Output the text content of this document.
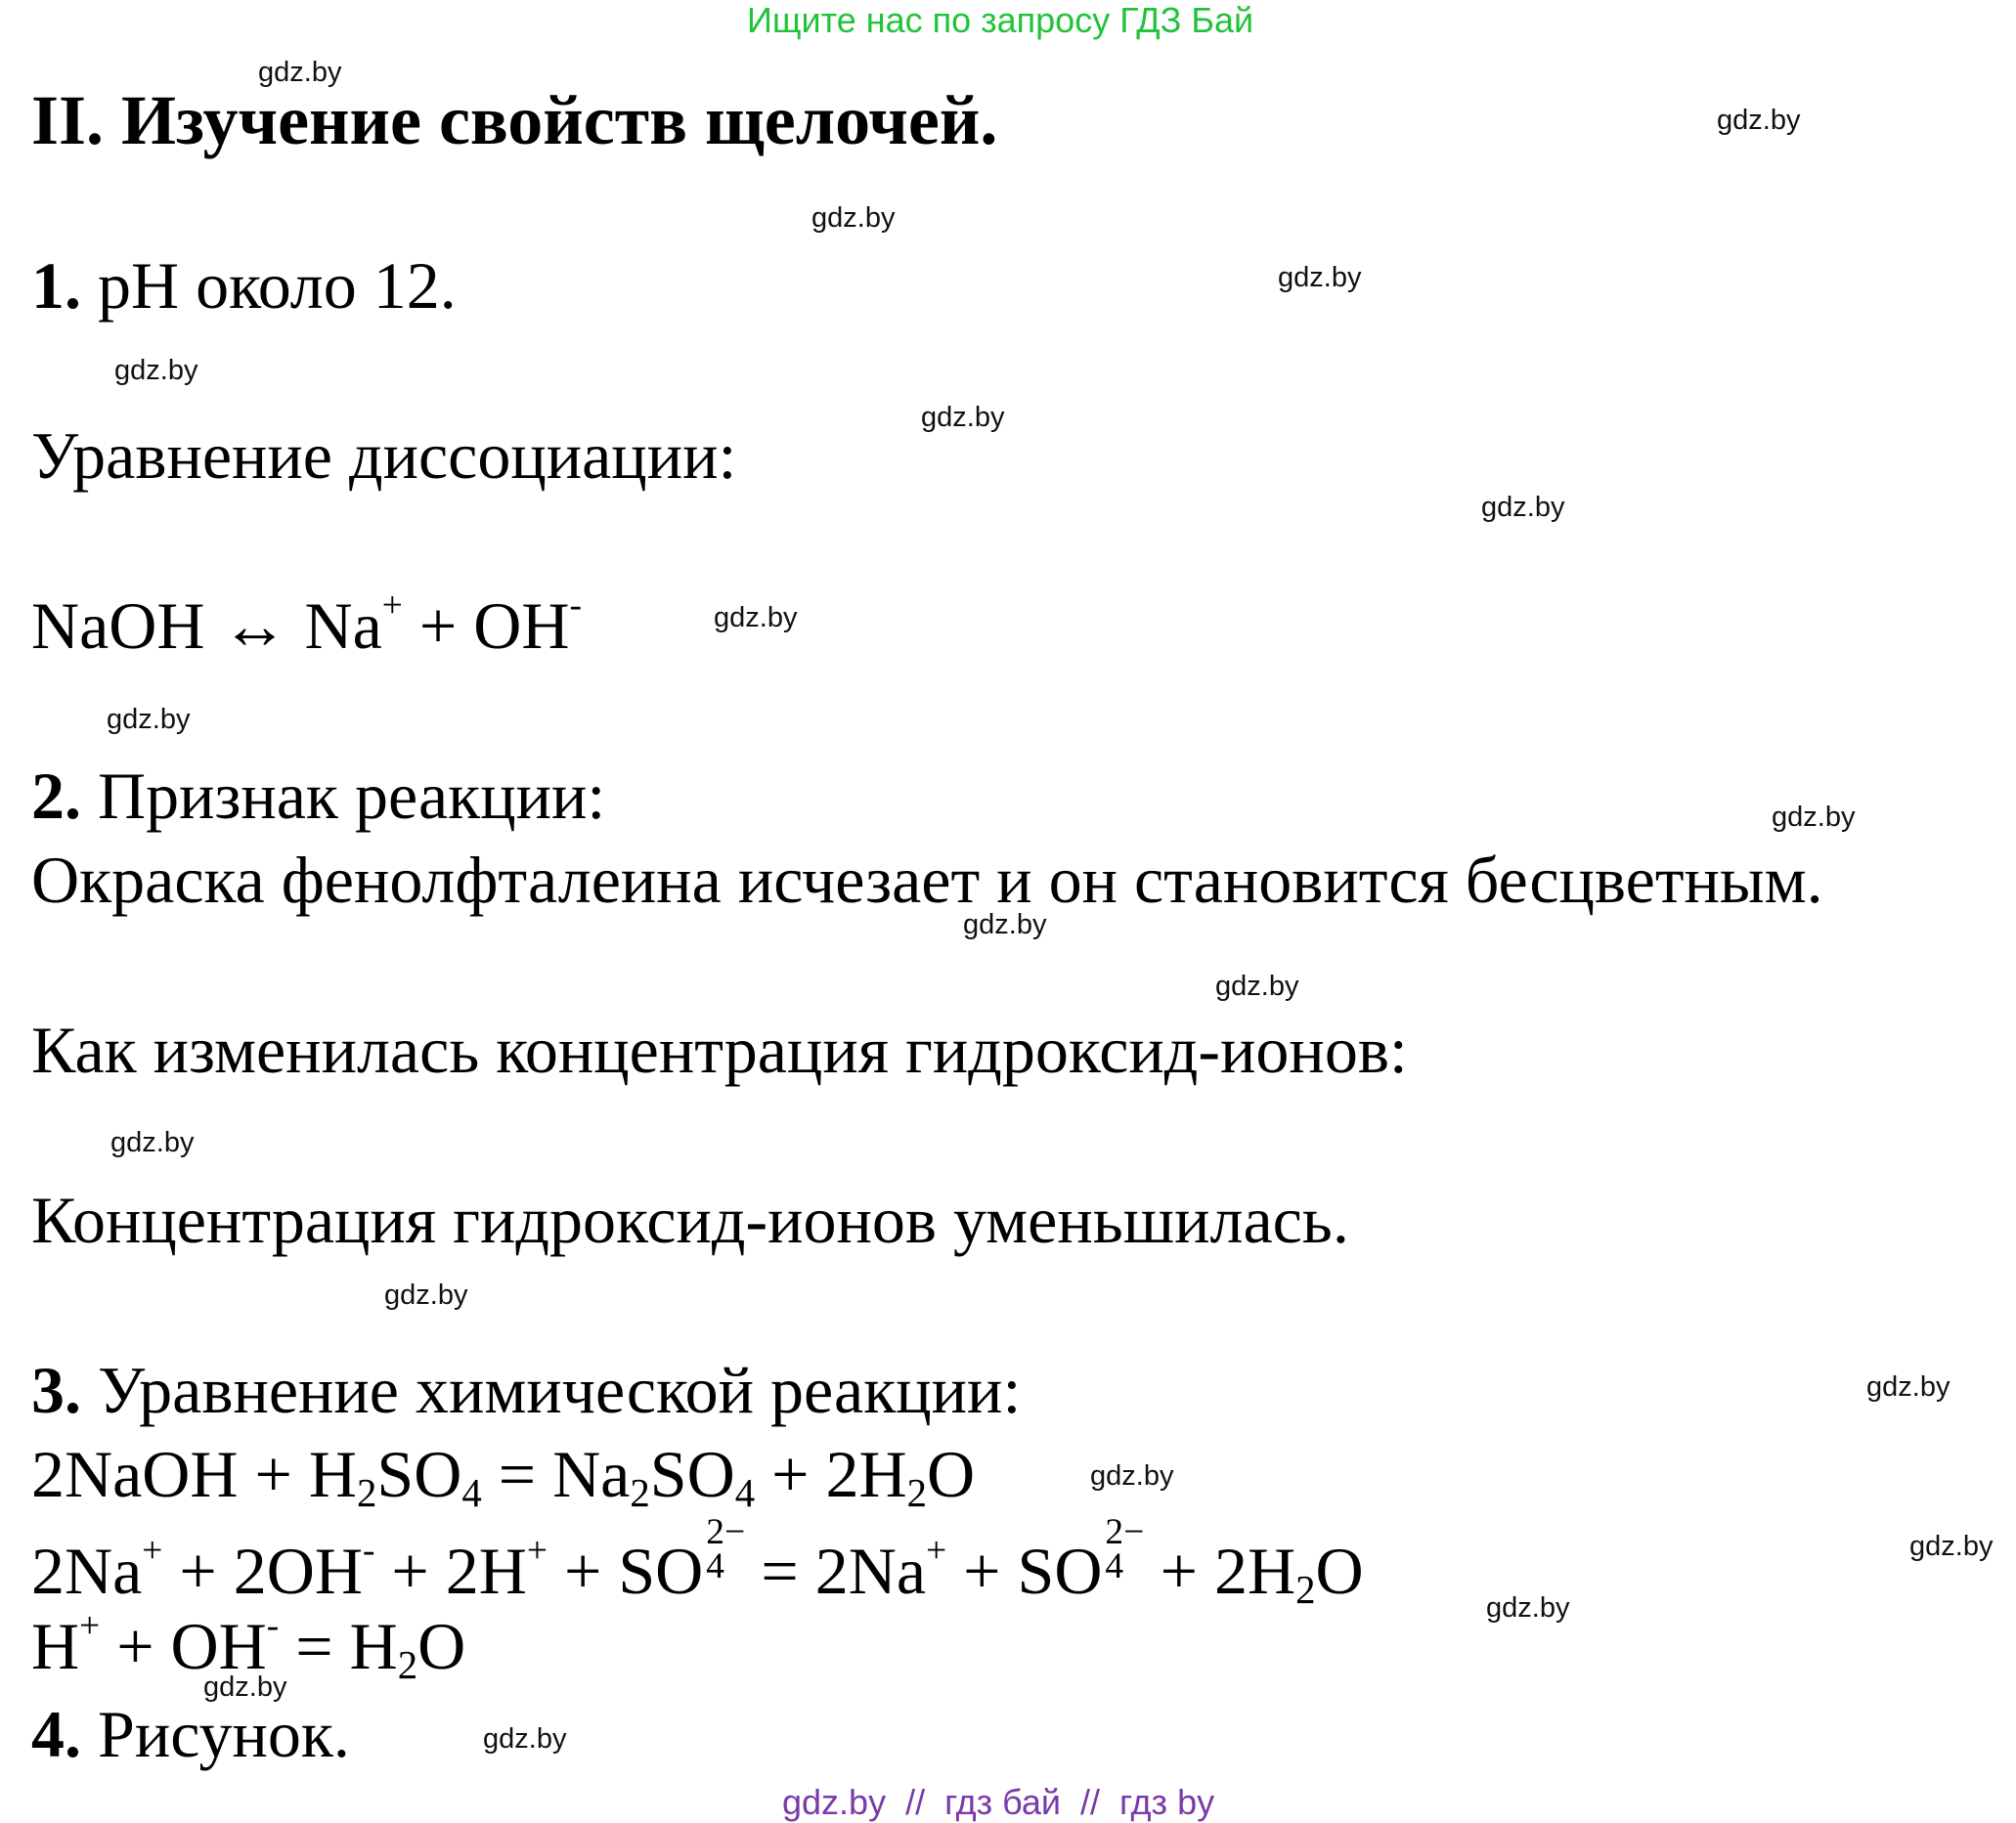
Ищите нас по запросу ГДЗ Бай
gdz.by
gdz.by
gdz.by
gdz.by
gdz.by
gdz.by
gdz.by
gdz.by
gdz.by
gdz.by
gdz.by
gdz.by
gdz.by
gdz.by
gdz.by
gdz.by
gdz.by
gdz.by
gdz.by
gdz.by
II. Изучение свойств щелочей.
1. pH около 12.
Уравнение диссоциации:
NaOH ↔ Na+ + OH-
2. Признак реакции:
Окраска фенолфталеина исчезает и он становится бесцветным.
Как изменилась концентрация гидроксид-ионов:
Концентрация гидроксид-ионов уменьшилась.
3. Уравнение химической реакции:
2NaOH + $H_2SO_4 = Na_2SO_4 + 2H_2O$
2Na+ + 2OH- + 2H+ + SO
2−
4 = 2Na+ + SO
2−
$4 + 2H_2O$
$H^+ + OH^- = H_2O$
4. Рисунок.
gdz.by  //  гдз бай  //  гдз by
